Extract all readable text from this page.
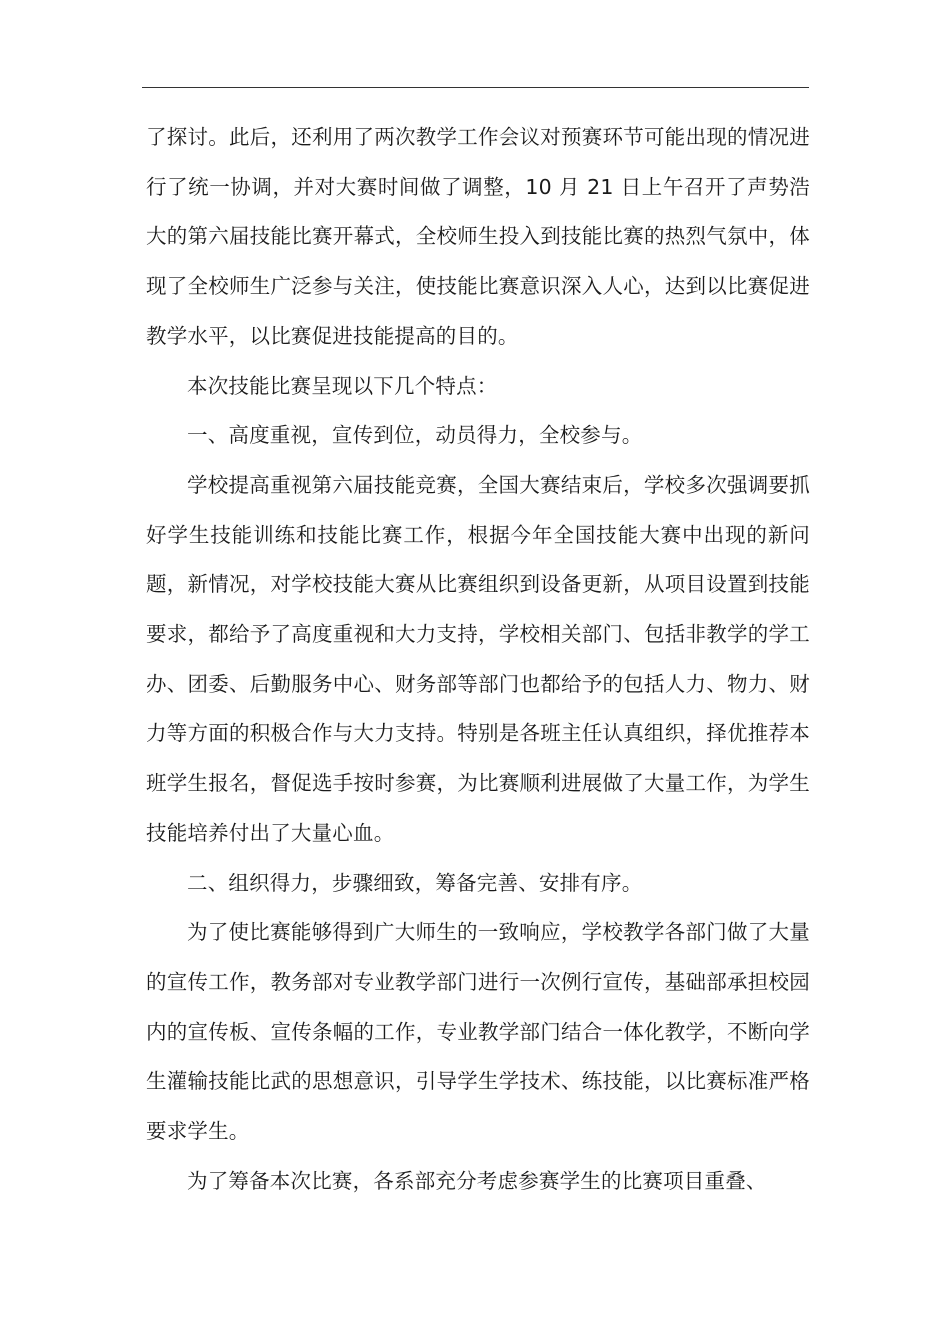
了探讨。此后，还利用了两次教学工作会议对预赛环节可能出现的情况进行了统一协调，并对大赛时间做了调整，10 月 21 日上午召开了声势浩大的第六届技能比赛开幕式，全校师生投入到技能比赛的热烈气氛中，体现了全校师生广泛参与关注，使技能比赛意识深入人心，达到以比赛促进教学水平，以比赛促进技能提高的目的。

本次技能比赛呈现以下几个特点：

一、高度重视，宣传到位，动员得力，全校参与。

学校提高重视第六届技能竞赛，全国大赛结束后，学校多次强调要抓好学生技能训练和技能比赛工作，根据今年全国技能大赛中出现的新问题，新情况，对学校技能大赛从比赛组织到设备更新，从项目设置到技能要求，都给予了高度重视和大力支持，学校相关部门、包括非教学的学工办、团委、后勤服务中心、财务部等部门也都给予的包括人力、物力、财力等方面的积极合作与大力支持。特别是各班主任认真组织，择优推荐本班学生报名，督促选手按时参赛，为比赛顺利进展做了大量工作，为学生技能培养付出了大量心血。

二、组织得力，步骤细致，筹备完善、安排有序。

为了使比赛能够得到广大师生的一致响应，学校教学各部门做了大量的宣传工作，教务部对专业教学部门进行一次例行宣传，基础部承担校园内的宣传板、宣传条幅的工作，专业教学部门结合一体化教学，不断向学生灌输技能比武的思想意识，引导学生学技术、练技能，以比赛标准严格要求学生。

为了筹备本次比赛，各系部充分考虑参赛学生的比赛项目重叠、
